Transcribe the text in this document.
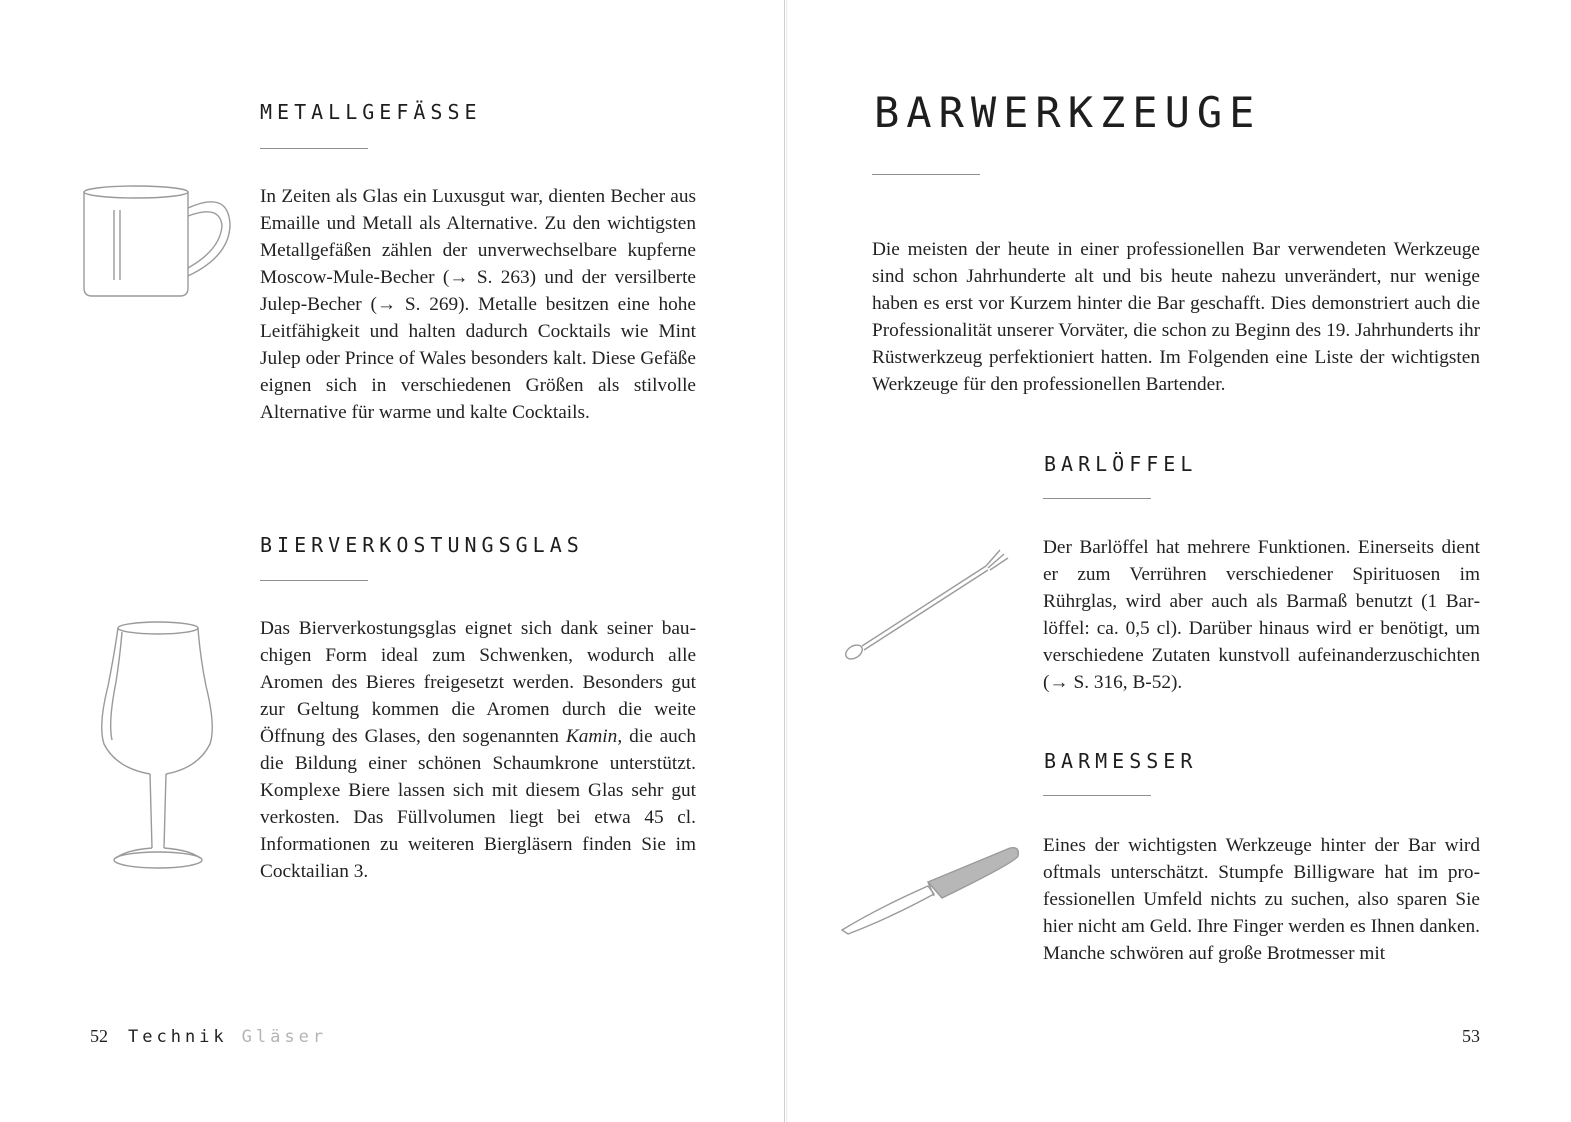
METALLGEFÄSSE

In Zeiten als Glas ein Luxusgut war, dienten Becher aus Emaille und Metall als Alternative. Zu den wichtigsten Metallgefäßen zählen der unverwechselbare kupferne Moscow-Mule-Becher (→ S. 263) und der versilberte Julep-Becher (→ S. 269). Metalle besitzen eine hohe Leitfähigkeit und halten dadurch Cocktails wie Mint Julep oder Prince of Wales besonders kalt. Diese Gefäße eignen sich in verschiedenen Größen als stilvolle Alternative für warme und kalte Cocktails.

BIERVERKOSTUNGSGLAS

Das Bierverkostungsglas eignet sich dank seiner bauchigen Form ideal zum Schwenken, wodurch alle Aromen des Bieres freigesetzt werden. Besonders gut zur Geltung kommen die Aromen durch die weite Öffnung des Glases, den sogenannten Kamin, die auch die Bildung einer schönen Schaumkrone unterstützt. Komplexe Biere lassen sich mit diesem Glas sehr gut verkosten. Das Füllvolumen liegt bei etwa 45 cl. Informationen zu weiteren Biergläsern finden Sie im Cocktailian 3.

52 Technik Gläser
BARWERKZEUGE

Die meisten der heute in einer professionellen Bar verwendeten Werkzeuge sind schon Jahrhunderte alt und bis heute nahezu unverändert, nur wenige haben es erst vor Kurzem hinter die Bar geschafft. Dies demonstriert auch die Professionalität unserer Vorväter, die schon zu Beginn des 19. Jahrhunderts ihr Rüstwerkzeug perfektioniert hatten. Im Folgenden eine Liste der wichtigsten Werkzeuge für den professionellen Bartender.

BARLÖFFEL

Der Barlöffel hat mehrere Funktionen. Einerseits dient er zum Verrühren verschiedener Spirituosen im Rührglas, wird aber auch als Barmaß benutzt (1 Barlöffel: ca. 0,5 cl). Darüber hinaus wird er benötigt, um verschiedene Zutaten kunstvoll aufeinanderzuschichten (→ S. 316, B-52).

BARMESSER

Eines der wichtigsten Werkzeuge hinter der Bar wird oftmals unterschätzt. Stumpfe Billigware hat im professionellen Umfeld nichts zu suchen, also sparen Sie hier nicht am Geld. Ihre Finger werden es Ihnen danken. Manche schwören auf große Brotmesser mit

53
